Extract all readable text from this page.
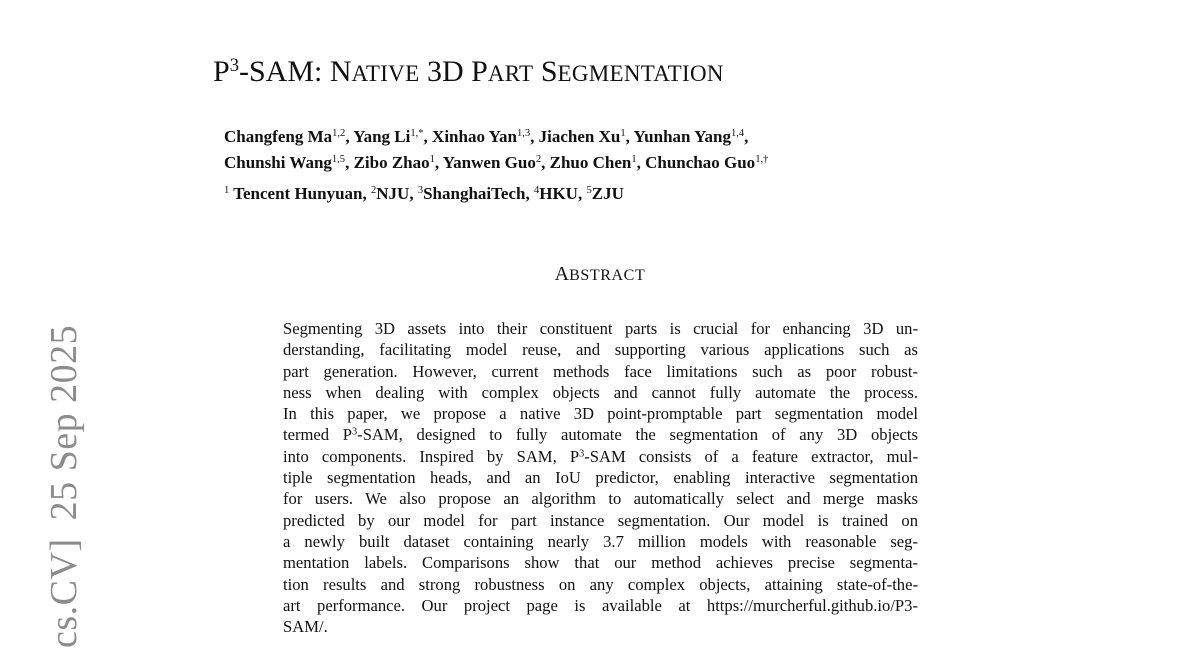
cs.CV]25 Sep 2025
$P^3$-SAM: NATIVE 3D PART SEGMENTATION
Changfeng Ma$^{1,2}$, Yang $Li^{1,*}$, Xinhao Yan$^{1,3}$, Jiachen Xu$^1$, Yunhan Yang$^{1,4}$,
Chunshi Wang$^{1,5}$, Zibo Zhao$^1$, Yanwen Guo$^2$, Zhuo Chen$^1$, Chunchao Guo$^{1,\dagger}$
$^1$ Tencent Hunyuan, $^2$NJU, $^3$ShanghaiTech, $^4$HKU, $^5$ZJU
ABSTRACT
Segmenting 3D assets into their constituent parts is crucial for enhancing 3D un-
derstanding, facilitating model reuse, and supporting various applications such as
part generation. However, current methods face limitations such as poor robust-
ness when dealing with complex objects and cannot fully automate the process.
In this paper, we propose a native 3D point-promptable part segmentation model
termed $P^3$-SAM, designed to fully automate the segmentation of any 3D objects
into components. Inspired by SAM, $P^3$-SAM consists of a feature extractor, mul-
tiple segmentation heads, and an IoU predictor, enabling interactive segmentation
for users. We also propose an algorithm to automatically select and merge masks
predicted by our model for part instance segmentation. Our model is trained on
a newly built dataset containing nearly 3.7 million models with reasonable seg-
mentation labels. Comparisons show that our method achieves precise segmenta-
tion results and strong robustness on any complex objects, attaining state-of-the-
art performance. Our project page is available at https://murcherful.github.io/P3-
SAM/.
